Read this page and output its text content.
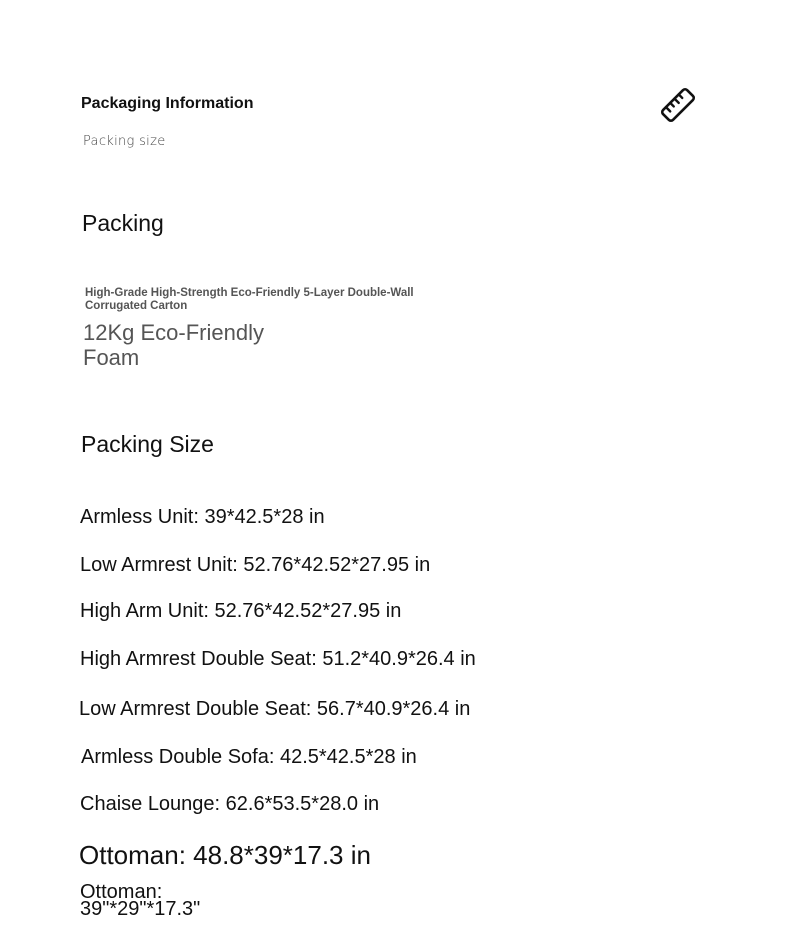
Packaging Information
Packing size
Packing
High-Grade High-Strength Eco-Friendly 5-Layer Double-Wall Corrugated Carton
12Kg Eco-Friendly Foam
Packing Size
Armless Unit: 39*42.5*28 in
Low Armrest Unit: 52.76*42.52*27.95 in
High Arm Unit: 52.76*42.52*27.95 in
High Armrest Double Seat: 51.2*40.9*26.4 in
Low Armrest Double Seat: 56.7*40.9*26.4 in
Armless Double Sofa: 42.5*42.5*28 in
Chaise Lounge: 62.6*53.5*28.0 in
Ottoman: 48.8*39*17.3 in
Ottoman:
39"*29"*17.3"
